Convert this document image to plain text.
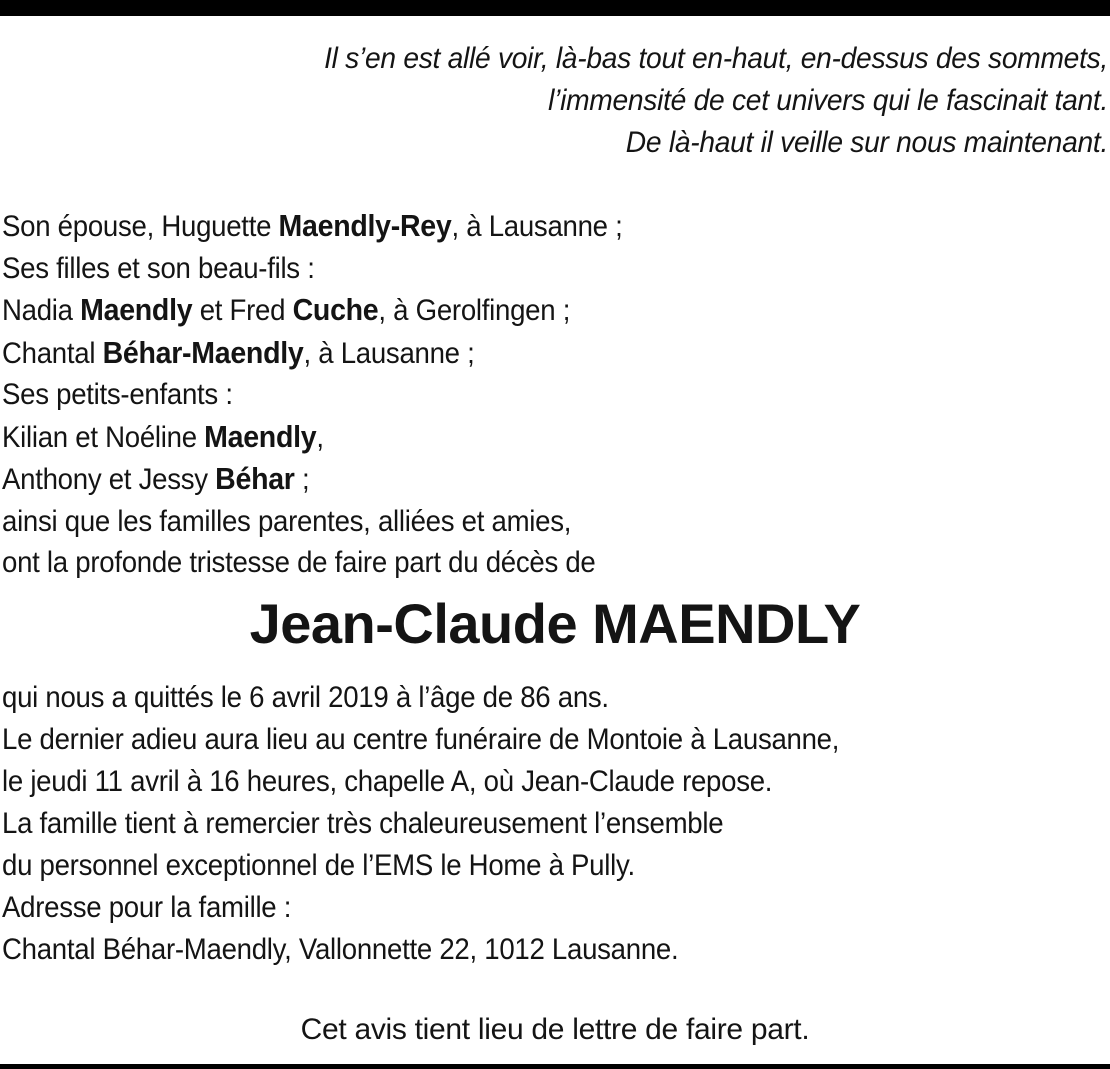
Il s’en est allé voir, là-bas tout en-haut, en-dessus des sommets,
l’immensité de cet univers qui le fascinait tant.
De là-haut il veille sur nous maintenant.
Son épouse, Huguette Maendly-Rey, à Lausanne ;
Ses filles et son beau-fils :
Nadia Maendly et Fred Cuche, à Gerolfingen ;
Chantal Béhar-Maendly, à Lausanne ;
Ses petits-enfants :
Kilian et Noéline Maendly,
Anthony et Jessy Béhar ;
ainsi que les familles parentes, alliées et amies,
ont la profonde tristesse de faire part du décès de
Jean-Claude MAENDLY
qui nous a quittés le 6 avril 2019 à l’âge de 86 ans.
Le dernier adieu aura lieu au centre funéraire de Montoie à Lausanne,
le jeudi 11 avril à 16 heures, chapelle A, où Jean-Claude repose.
La famille tient à remercier très chaleureusement l’ensemble
du personnel exceptionnel de l’EMS le Home à Pully.
Adresse pour la famille :
Chantal Béhar-Maendly, Vallonnette 22, 1012 Lausanne.
Cet avis tient lieu de lettre de faire part.
